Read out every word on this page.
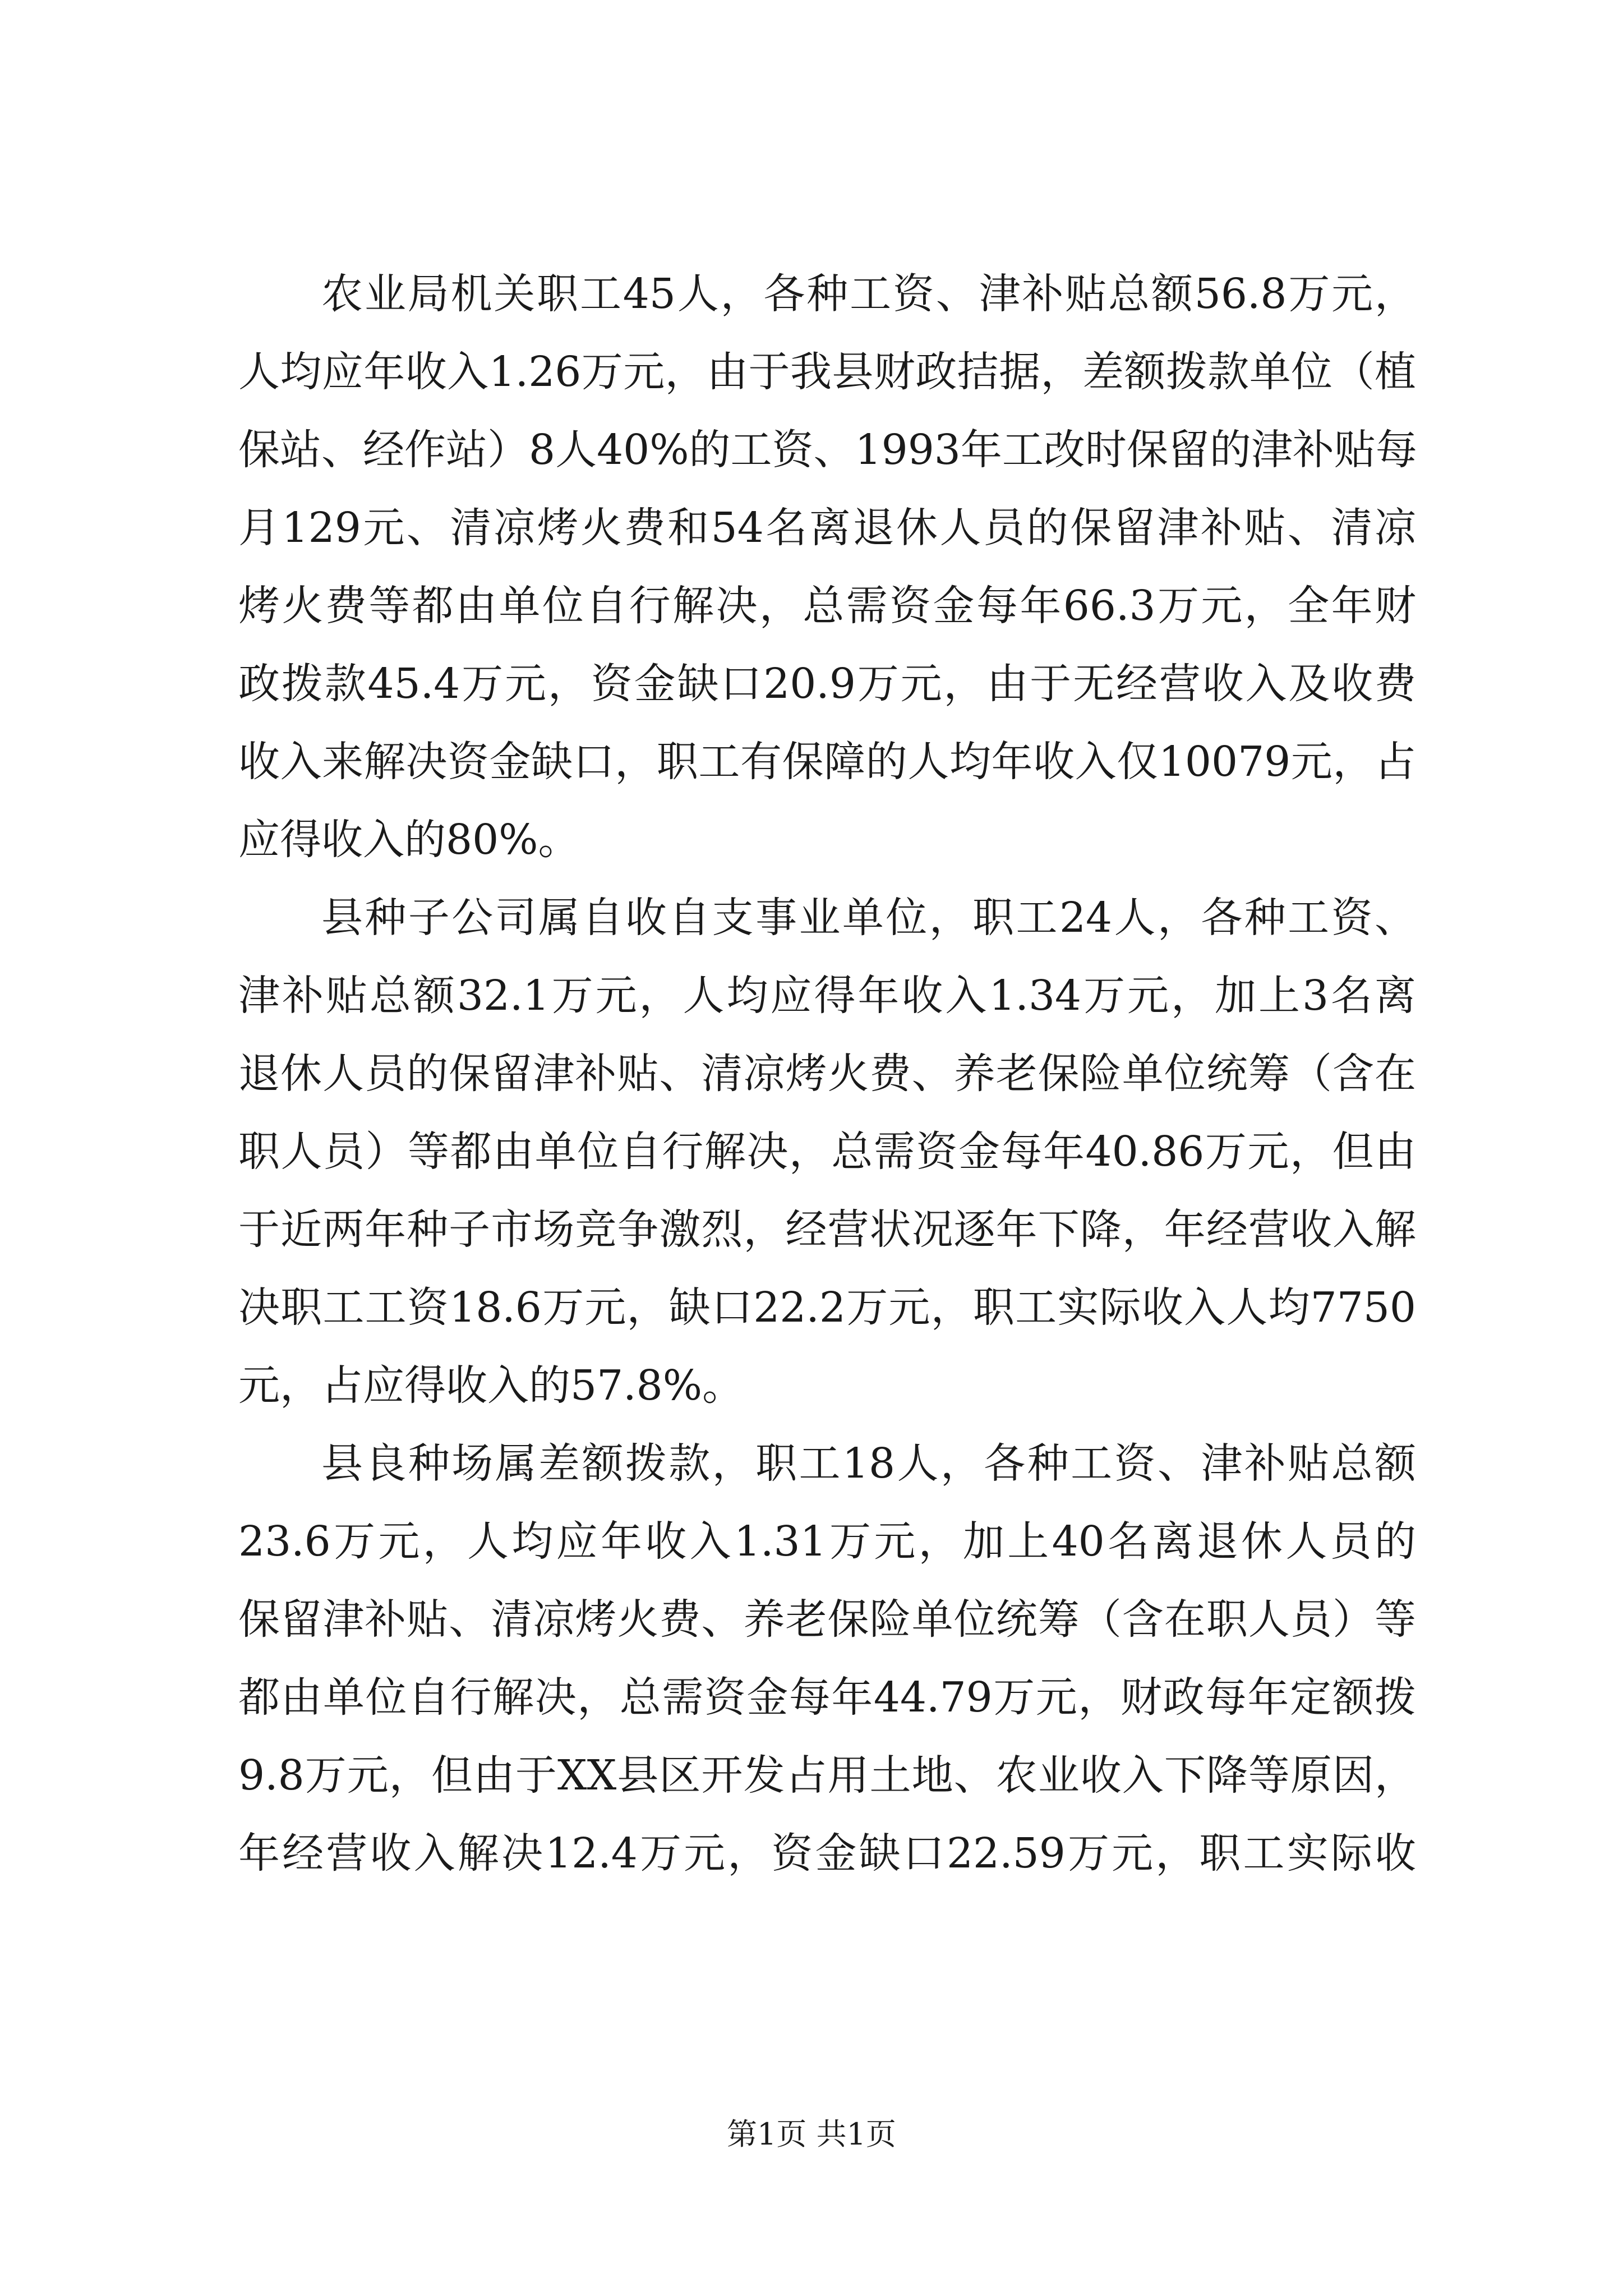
农业局机关职工45人，各种工资、津补贴总额56.8万元，
人均应年收入1.26万元，由于我县财政拮据，差额拨款单位（植
保站、经作站）8人40%的工资、1993年工改时保留的津补贴每
月129元、清凉烤火费和54名离退休人员的保留津补贴、清凉
烤火费等都由单位自行解决，总需资金每年66.3万元，全年财
政拨款45.4万元，资金缺口20.9万元，由于无经营收入及收费
收入来解决资金缺口，职工有保障的人均年收入仅10079元，占
应得收入的80%。
县种子公司属自收自支事业单位，职工24人，各种工资、
津补贴总额32.1万元，人均应得年收入1.34万元，加上3名离
退休人员的保留津补贴、清凉烤火费、养老保险单位统筹（含在
职人员）等都由单位自行解决，总需资金每年40.86万元，但由
于近两年种子市场竞争激烈，经营状况逐年下降，年经营收入解
决职工工资18.6万元，缺口22.2万元，职工实际收入人均7750
元，占应得收入的57.8%。
县良种场属差额拨款，职工18人，各种工资、津补贴总额
23.6万元，人均应年收入1.31万元，加上40名离退休人员的
保留津补贴、清凉烤火费、养老保险单位统筹（含在职人员）等
都由单位自行解决，总需资金每年44.79万元，财政每年定额拨
9.8万元，但由于XX县区开发占用土地、农业收入下降等原因，
年经营收入解决12.4万元，资金缺口22.59万元，职工实际收
第1页 共1页
